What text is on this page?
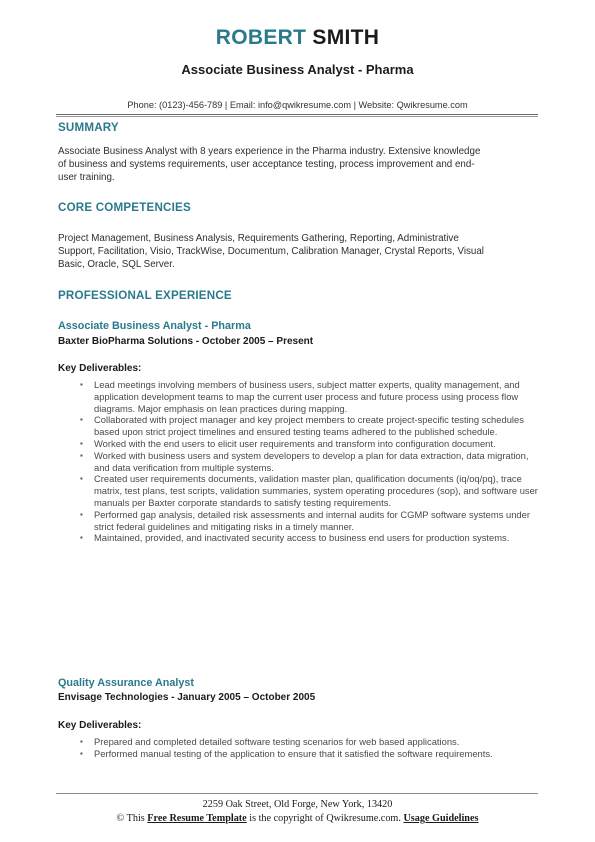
ROBERT SMITH
Associate Business Analyst - Pharma
Phone: (0123)-456-789 | Email: info@qwikresume.com | Website: Qwikresume.com
SUMMARY
Associate Business Analyst with 8 years experience in the Pharma industry. Extensive knowledge
of business and systems requirements, user acceptance testing, process improvement and end-
user training.
CORE COMPETENCIES
Project Management, Business Analysis, Requirements Gathering, Reporting, Administrative
Support, Facilitation, Visio, TrackWise, Documentum, Calibration Manager, Crystal Reports, Visual
Basic, Oracle, SQL Server.
PROFESSIONAL EXPERIENCE
Associate Business Analyst - Pharma
Baxter BioPharma Solutions - October 2005 – Present
Key Deliverables:
▪ Lead meetings involving members of business users, subject matter experts, quality management, and application development teams to map the current user process and future process using process flow diagrams. Major emphasis on lean practices during mapping.
▪ Collaborated with project manager and key project members to create project-specific testing schedules based upon strict project timelines and ensured testing teams adhered to the published schedule.
▪ Worked with the end users to elicit user requirements and transform into configuration document.
▪ Worked with business users and system developers to develop a plan for data extraction, data migration, and data verification from multiple systems.
▪ Created user requirements documents, validation master plan, qualification documents (iq/oq/pq), trace matrix, test plans, test scripts, validation summaries, system operating procedures (sop), and software user manuals per Baxter corporate standards to satisfy testing requirements.
▪ Performed gap analysis, detailed risk assessments and internal audits for CGMP software systems under strict federal guidelines and mitigating risks in a timely manner.
▪ Maintained, provided, and inactivated security access to business end users for production systems.
Quality Assurance Analyst
Envisage Technologies - January 2005 – October 2005
Key Deliverables:
▪ Prepared and completed detailed software testing scenarios for web based applications.
▪ Performed manual testing of the application to ensure that it satisfied the software requirements.
2259 Oak Street, Old Forge, New York, 13420
© This Free Resume Template is the copyright of Qwikresume.com. Usage Guidelines
